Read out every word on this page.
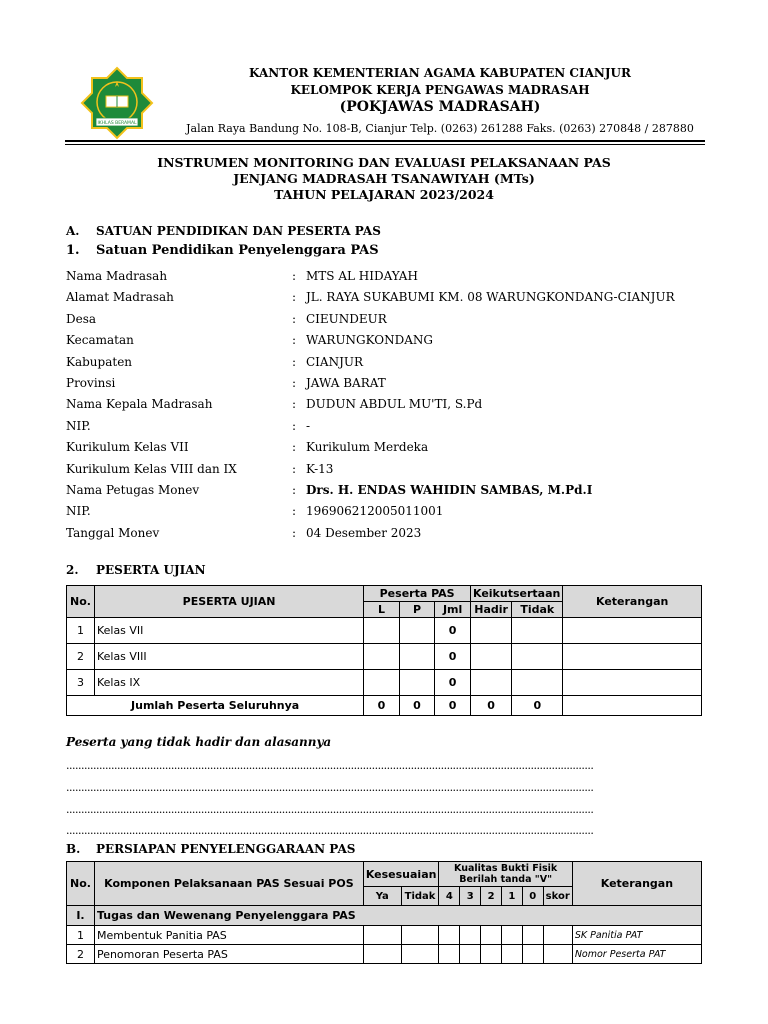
IKHLAS BERAMAL
KANTOR KEMENTERIAN AGAMA KABUPATEN CIANJUR
KELOMPOK KERJA PENGAWAS MADRASAH
(POKJAWAS MADRASAH)
Jalan Raya Bandung No. 108-B, Cianjur Telp. (0263) 261288 Faks. (0263) 270848 / 287880
INSTRUMEN MONITORING DAN EVALUASI PELAKSANAAN PAS
JENJANG MADRASAH TSANAWIYAH (MTs)
TAHUN PELAJARAN 2023/2024
A. SATUAN PENDIDIKAN DAN PESERTA PAS
1. Satuan Pendidikan Penyelenggara PAS
Nama Madrasah	: MTS AL HIDAYAH
Alamat Madrasah	: JL. RAYA SUKABUMI KM. 08 WARUNGKONDANG-CIANJUR
Desa	: CIEUNDEUR
Kecamatan	: WARUNGKONDANG
Kabupaten	: CIANJUR
Provinsi	: JAWA BARAT
Nama Kepala Madrasah	: DUDUN ABDUL MU'TI, S.Pd
NIP.	: -
Kurikulum Kelas VII	: Kurikulum Merdeka
Kurikulum Kelas VIII dan IX	: K-13
Nama Petugas Monev	: Drs. H. ENDAS WAHIDIN SAMBAS, M.Pd.I
NIP.	: 196906212005011001
Tanggal Monev	: 04 Desember 2023
2. PESERTA UJIAN
No.	PESERTA UJIAN	Peserta PAS			Keikutsertaan		Keterangan
		L	P	Jml	Hadir	Tidak	
1	Kelas VII			0			
2	Kelas VIII			0			
3	Kelas IX			0			
Jumlah Peserta Seluruhnya		0	0	0	0	0	
Peserta yang tidak hadir dan alasannya
................................................................................................................................................................................
................................................................................................................................................................................
................................................................................................................................................................................
................................................................................................................................................................................
B. PERSIAPAN PENYELENGGARAAN PAS
No.	Komponen Pelaksanaan PAS Sesuai POS	Kesesuaian		Kualitas Bukti Fisik Berilah tanda "V"						Keterangan
		Ya	Tidak	4	3	2	1	0	skor	
I.	Tugas dan Wewenang Penyelenggara PAS									
1	Membentuk Panitia PAS									SK Panitia PAT
2	Penomoran Peserta PAS									Nomor Peserta PAT
